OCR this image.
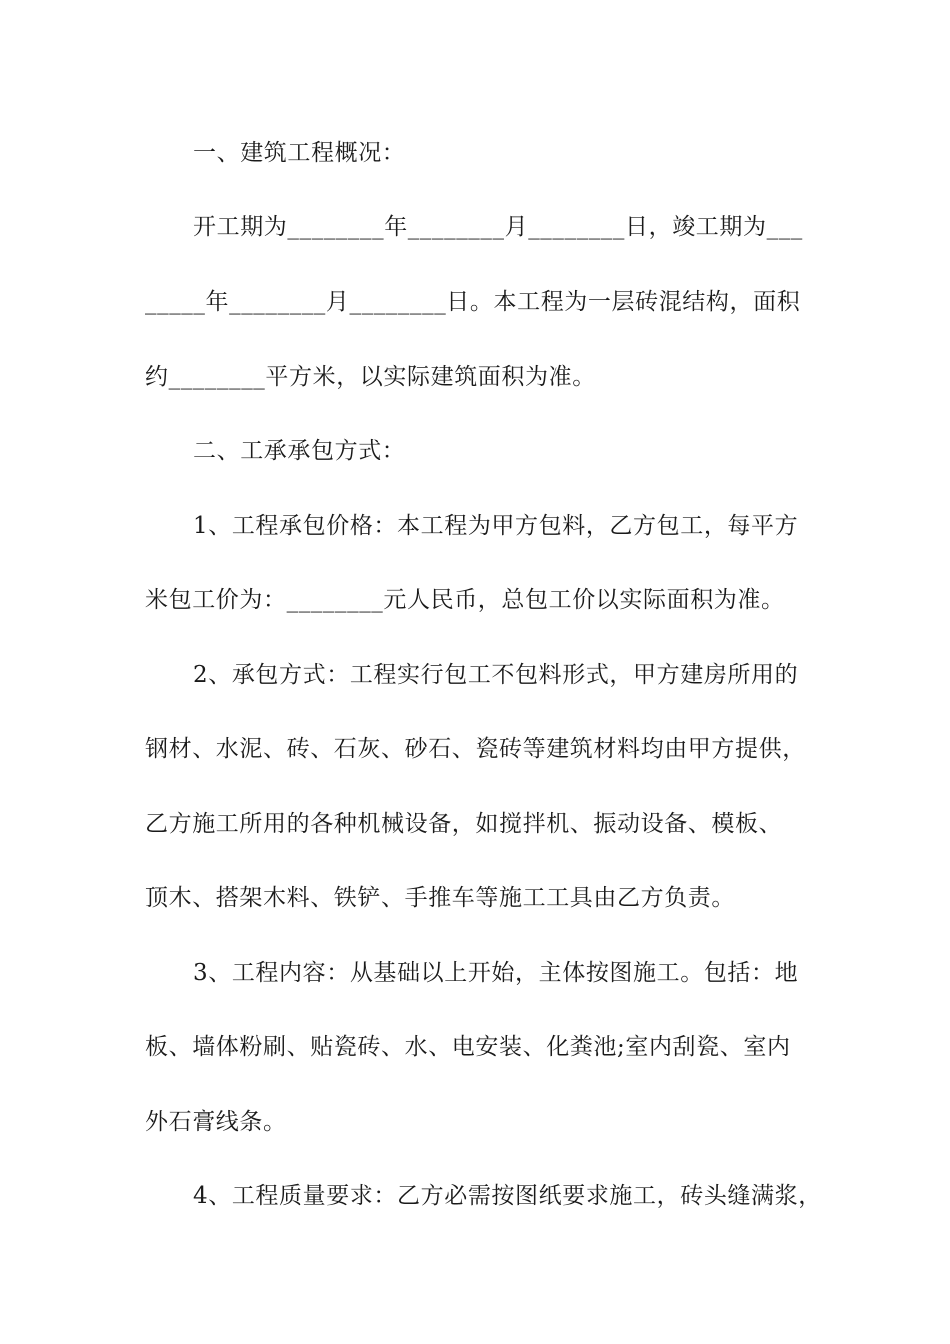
一、建筑工程概况：
开工期为________年________月________日，竣工期为___
_____年________月________日。本工程为一层砖混结构，面积
约________平方米，以实际建筑面积为准。
二、工承承包方式：
1、工程承包价格：本工程为甲方包料，乙方包工，每平方
米包工价为：________元人民币，总包工价以实际面积为准。
2、承包方式：工程实行包工不包料形式，甲方建房所用的
钢材、水泥、砖、石灰、砂石、瓷砖等建筑材料均由甲方提供，
乙方施工所用的各种机械设备，如搅拌机、振动设备、模板、
顶木、搭架木料、铁铲、手推车等施工工具由乙方负责。
3、工程内容：从基础以上开始，主体按图施工。包括：地
板、墙体粉刷、贴瓷砖、水、电安装、化粪池;室内刮瓷、室内
外石膏线条。
4、工程质量要求：乙方必需按图纸要求施工，砖头缝满浆，
